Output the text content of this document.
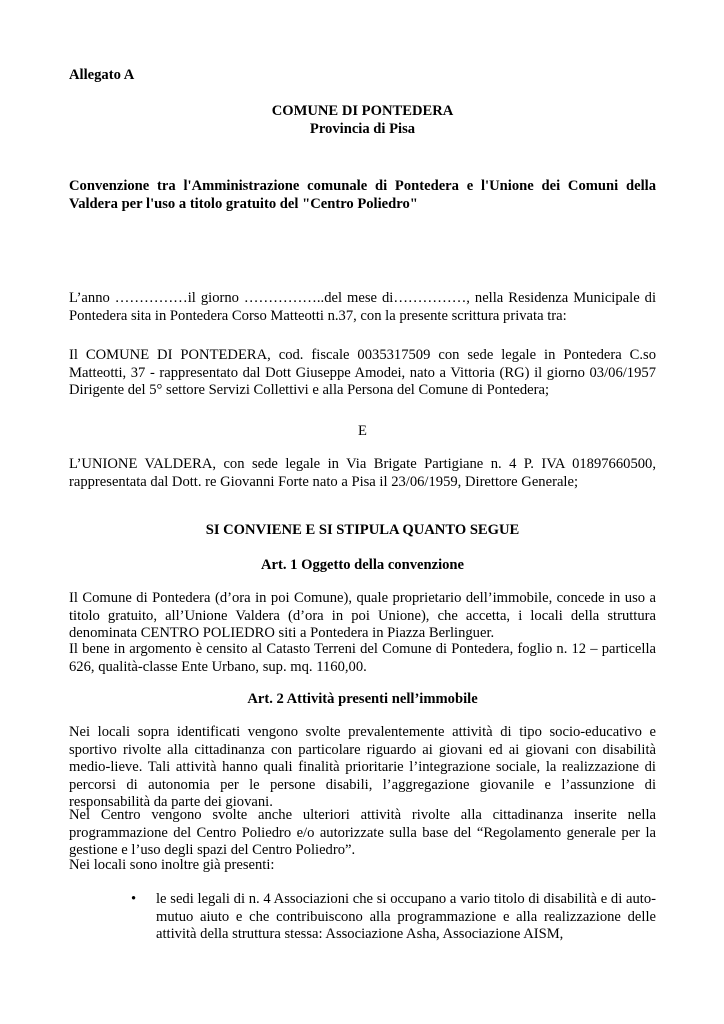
Allegato A

COMUNE DI PONTEDERA

Provincia di Pisa

Convenzione tra l'Amministrazione comunale di Pontedera e l'Unione dei Comuni della Valdera per l'uso a titolo gratuito del "Centro Poliedro"

L’anno ……………il giorno ……………..del mese di……………, nella Residenza Municipale di Pontedera sita in Pontedera Corso Matteotti n.37, con la presente scrittura privata tra:

Il COMUNE DI PONTEDERA, cod. fiscale 0035317509 con sede legale in Pontedera C.so Matteotti, 37 - rappresentato dal Dott Giuseppe Amodei, nato a Vittoria (RG) il giorno 03/06/1957 Dirigente del 5° settore Servizi Collettivi e alla Persona del Comune di Pontedera;

E

L’UNIONE VALDERA, con sede legale in Via Brigate Partigiane n. 4 P. IVA 01897660500, rappresentata dal Dott. re Giovanni Forte nato a Pisa il 23/06/1959, Direttore Generale;

SI CONVIENE E SI STIPULA QUANTO SEGUE

Art. 1 Oggetto della convenzione

Il Comune di Pontedera (d’ora in poi Comune), quale proprietario dell’immobile, concede in uso a titolo gratuito, all’Unione Valdera (d’ora in poi Unione), che accetta, i locali della struttura denominata CENTRO POLIEDRO siti a Pontedera in Piazza Berlinguer.

Il bene in argomento è censito al Catasto Terreni del Comune di Pontedera, foglio n. 12 – particella 626, qualità-classe Ente Urbano, sup. mq. 1160,00.

Art. 2 Attività presenti nell’immobile

Nei locali sopra identificati vengono svolte prevalentemente attività di tipo socio-educativo e sportivo rivolte alla cittadinanza con particolare riguardo ai giovani ed ai giovani con disabilità medio-lieve. Tali attività hanno quali finalità prioritarie l’integrazione sociale, la realizzazione di percorsi di autonomia per le persone disabili, l’aggregazione giovanile e l’assunzione di responsabilità da parte dei giovani.

Nel Centro vengono svolte anche ulteriori attività rivolte alla cittadinanza inserite nella programmazione del Centro Poliedro e/o autorizzate sulla base del “Regolamento generale per la gestione e l’uso degli spazi del Centro Poliedro”.

Nei locali sono inoltre già presenti:

• le sedi legali di n. 4 Associazioni che si occupano a vario titolo di disabilità e di auto-mutuo aiuto e che contribuiscono alla programmazione e alla realizzazione delle attività della struttura stessa: Associazione Asha, Associazione AISM,
